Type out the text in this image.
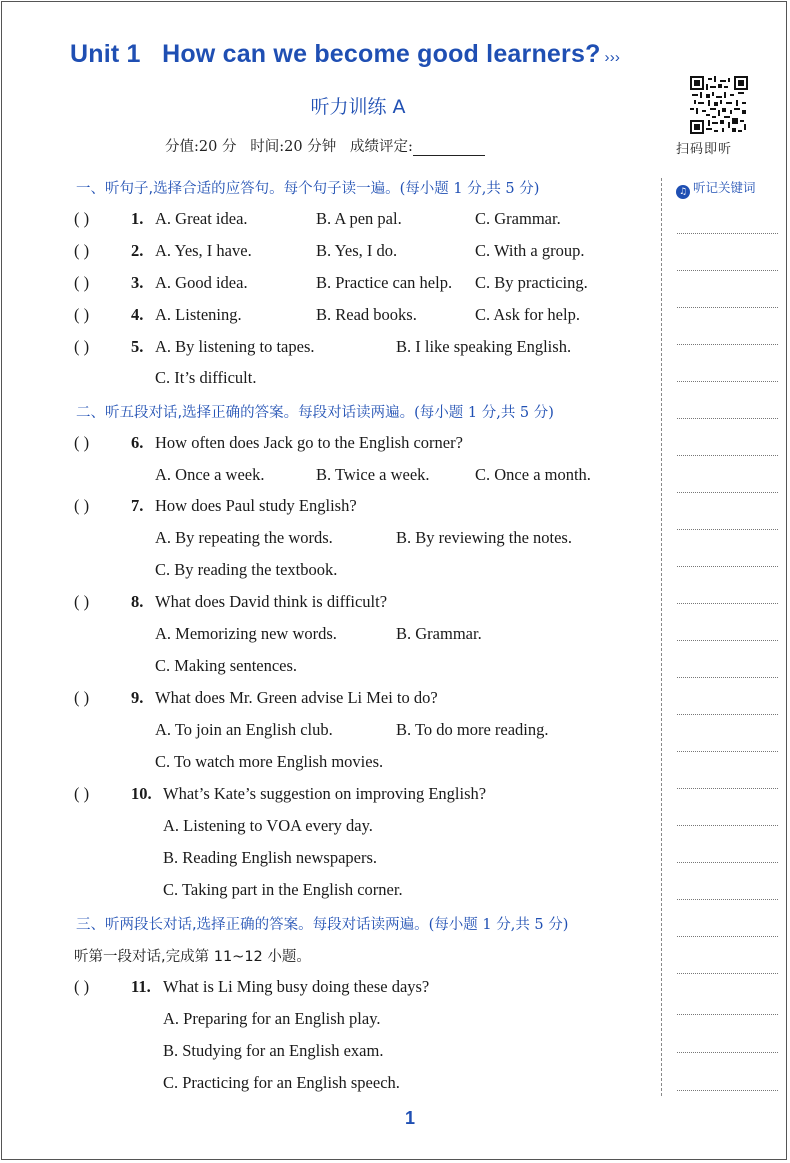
Unit 1   How can we become good learners? ›››
听力训练 A
分值:20 分   时间:20 分钟   成绩评定:	扫码即听
♫ 听记关键词
一、听句子,选择合适的应答句。每个句子读一遍。(每小题 1 分,共 5 分)
( )	1. A. Great idea.	B. A pen pal.	C. Grammar.
( )	2. A. Yes, I have.	B. Yes, I do.	C. With a group.
( )	3. A. Good idea.	B. Practice can help. C. By practicing.
( )	4. A. Listening.	B. Read books.	C. Ask for help.
( )	5. A. By listening to tapes.	B. I like speaking English.
C. It’s difficult.
二、听五段对话,选择正确的答案。每段对话读两遍。(每小题 1 分,共 5 分)
( )	6. How often does Jack go to the English corner?
A. Once a week.	B. Twice a week.	C. Once a month.
( )	7. How does Paul study English?
A. By repeating the words.	B. By reviewing the notes.
C. By reading the textbook.
( )	8. What does David think is difficult?
A. Memorizing new words.	B. Grammar.
C. Making sentences.
( )	9. What does Mr. Green advise Li Mei to do?
A. To join an English club.	B. To do more reading.
C. To watch more English movies.
( )	10. What’s Kate’s suggestion on improving English?
A. Listening to VOA every day.
B. Reading English newspapers.
C. Taking part in the English corner.
三、听两段长对话,选择正确的答案。每段对话读两遍。(每小题 1 分,共 5 分)
听第一段对话,完成第 11~12 小题。
( )	11. What is Li Ming busy doing these days?
A. Preparing for an English play.
B. Studying for an English exam.
C. Practicing for an English speech.
1
